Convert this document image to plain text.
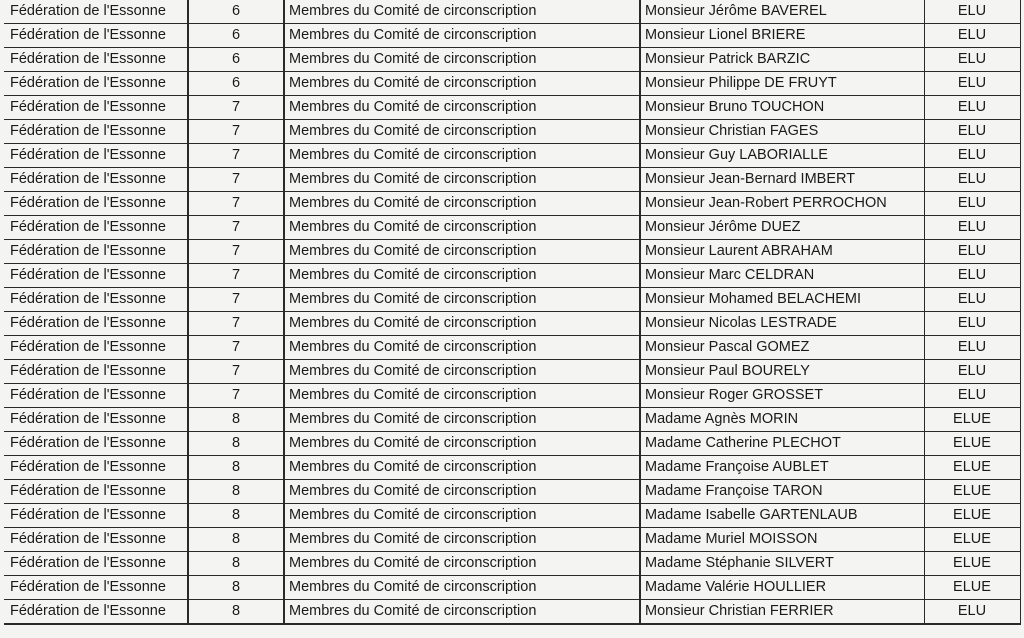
Fédération de l'Essonne	6	Membres du Comité de circonscription	Monsieur Jérôme BAVEREL	ELU
Fédération de l'Essonne	6	Membres du Comité de circonscription	Monsieur Lionel BRIERE	ELU
Fédération de l'Essonne	6	Membres du Comité de circonscription	Monsieur Patrick BARZIC	ELU
Fédération de l'Essonne	6	Membres du Comité de circonscription	Monsieur Philippe DE FRUYT	ELU
Fédération de l'Essonne	7	Membres du Comité de circonscription	Monsieur Bruno TOUCHON	ELU
Fédération de l'Essonne	7	Membres du Comité de circonscription	Monsieur Christian FAGES	ELU
Fédération de l'Essonne	7	Membres du Comité de circonscription	Monsieur Guy LABORIALLE	ELU
Fédération de l'Essonne	7	Membres du Comité de circonscription	Monsieur Jean-Bernard IMBERT	ELU
Fédération de l'Essonne	7	Membres du Comité de circonscription	Monsieur Jean-Robert PERROCHON	ELU
Fédération de l'Essonne	7	Membres du Comité de circonscription	Monsieur Jérôme DUEZ	ELU
Fédération de l'Essonne	7	Membres du Comité de circonscription	Monsieur Laurent ABRAHAM	ELU
Fédération de l'Essonne	7	Membres du Comité de circonscription	Monsieur Marc CELDRAN	ELU
Fédération de l'Essonne	7	Membres du Comité de circonscription	Monsieur Mohamed BELACHEMI	ELU
Fédération de l'Essonne	7	Membres du Comité de circonscription	Monsieur Nicolas LESTRADE	ELU
Fédération de l'Essonne	7	Membres du Comité de circonscription	Monsieur Pascal GOMEZ	ELU
Fédération de l'Essonne	7	Membres du Comité de circonscription	Monsieur Paul BOURELY	ELU
Fédération de l'Essonne	7	Membres du Comité de circonscription	Monsieur Roger GROSSET	ELU
Fédération de l'Essonne	8	Membres du Comité de circonscription	Madame Agnès MORIN	ELUE
Fédération de l'Essonne	8	Membres du Comité de circonscription	Madame Catherine PLECHOT	ELUE
Fédération de l'Essonne	8	Membres du Comité de circonscription	Madame Françoise AUBLET	ELUE
Fédération de l'Essonne	8	Membres du Comité de circonscription	Madame Françoise TARON	ELUE
Fédération de l'Essonne	8	Membres du Comité de circonscription	Madame Isabelle GARTENLAUB	ELUE
Fédération de l'Essonne	8	Membres du Comité de circonscription	Madame Muriel MOISSON	ELUE
Fédération de l'Essonne	8	Membres du Comité de circonscription	Madame Stéphanie SILVERT	ELUE
Fédération de l'Essonne	8	Membres du Comité de circonscription	Madame Valérie HOULLIER	ELUE
Fédération de l'Essonne	8	Membres du Comité de circonscription	Monsieur Christian FERRIER	ELU
